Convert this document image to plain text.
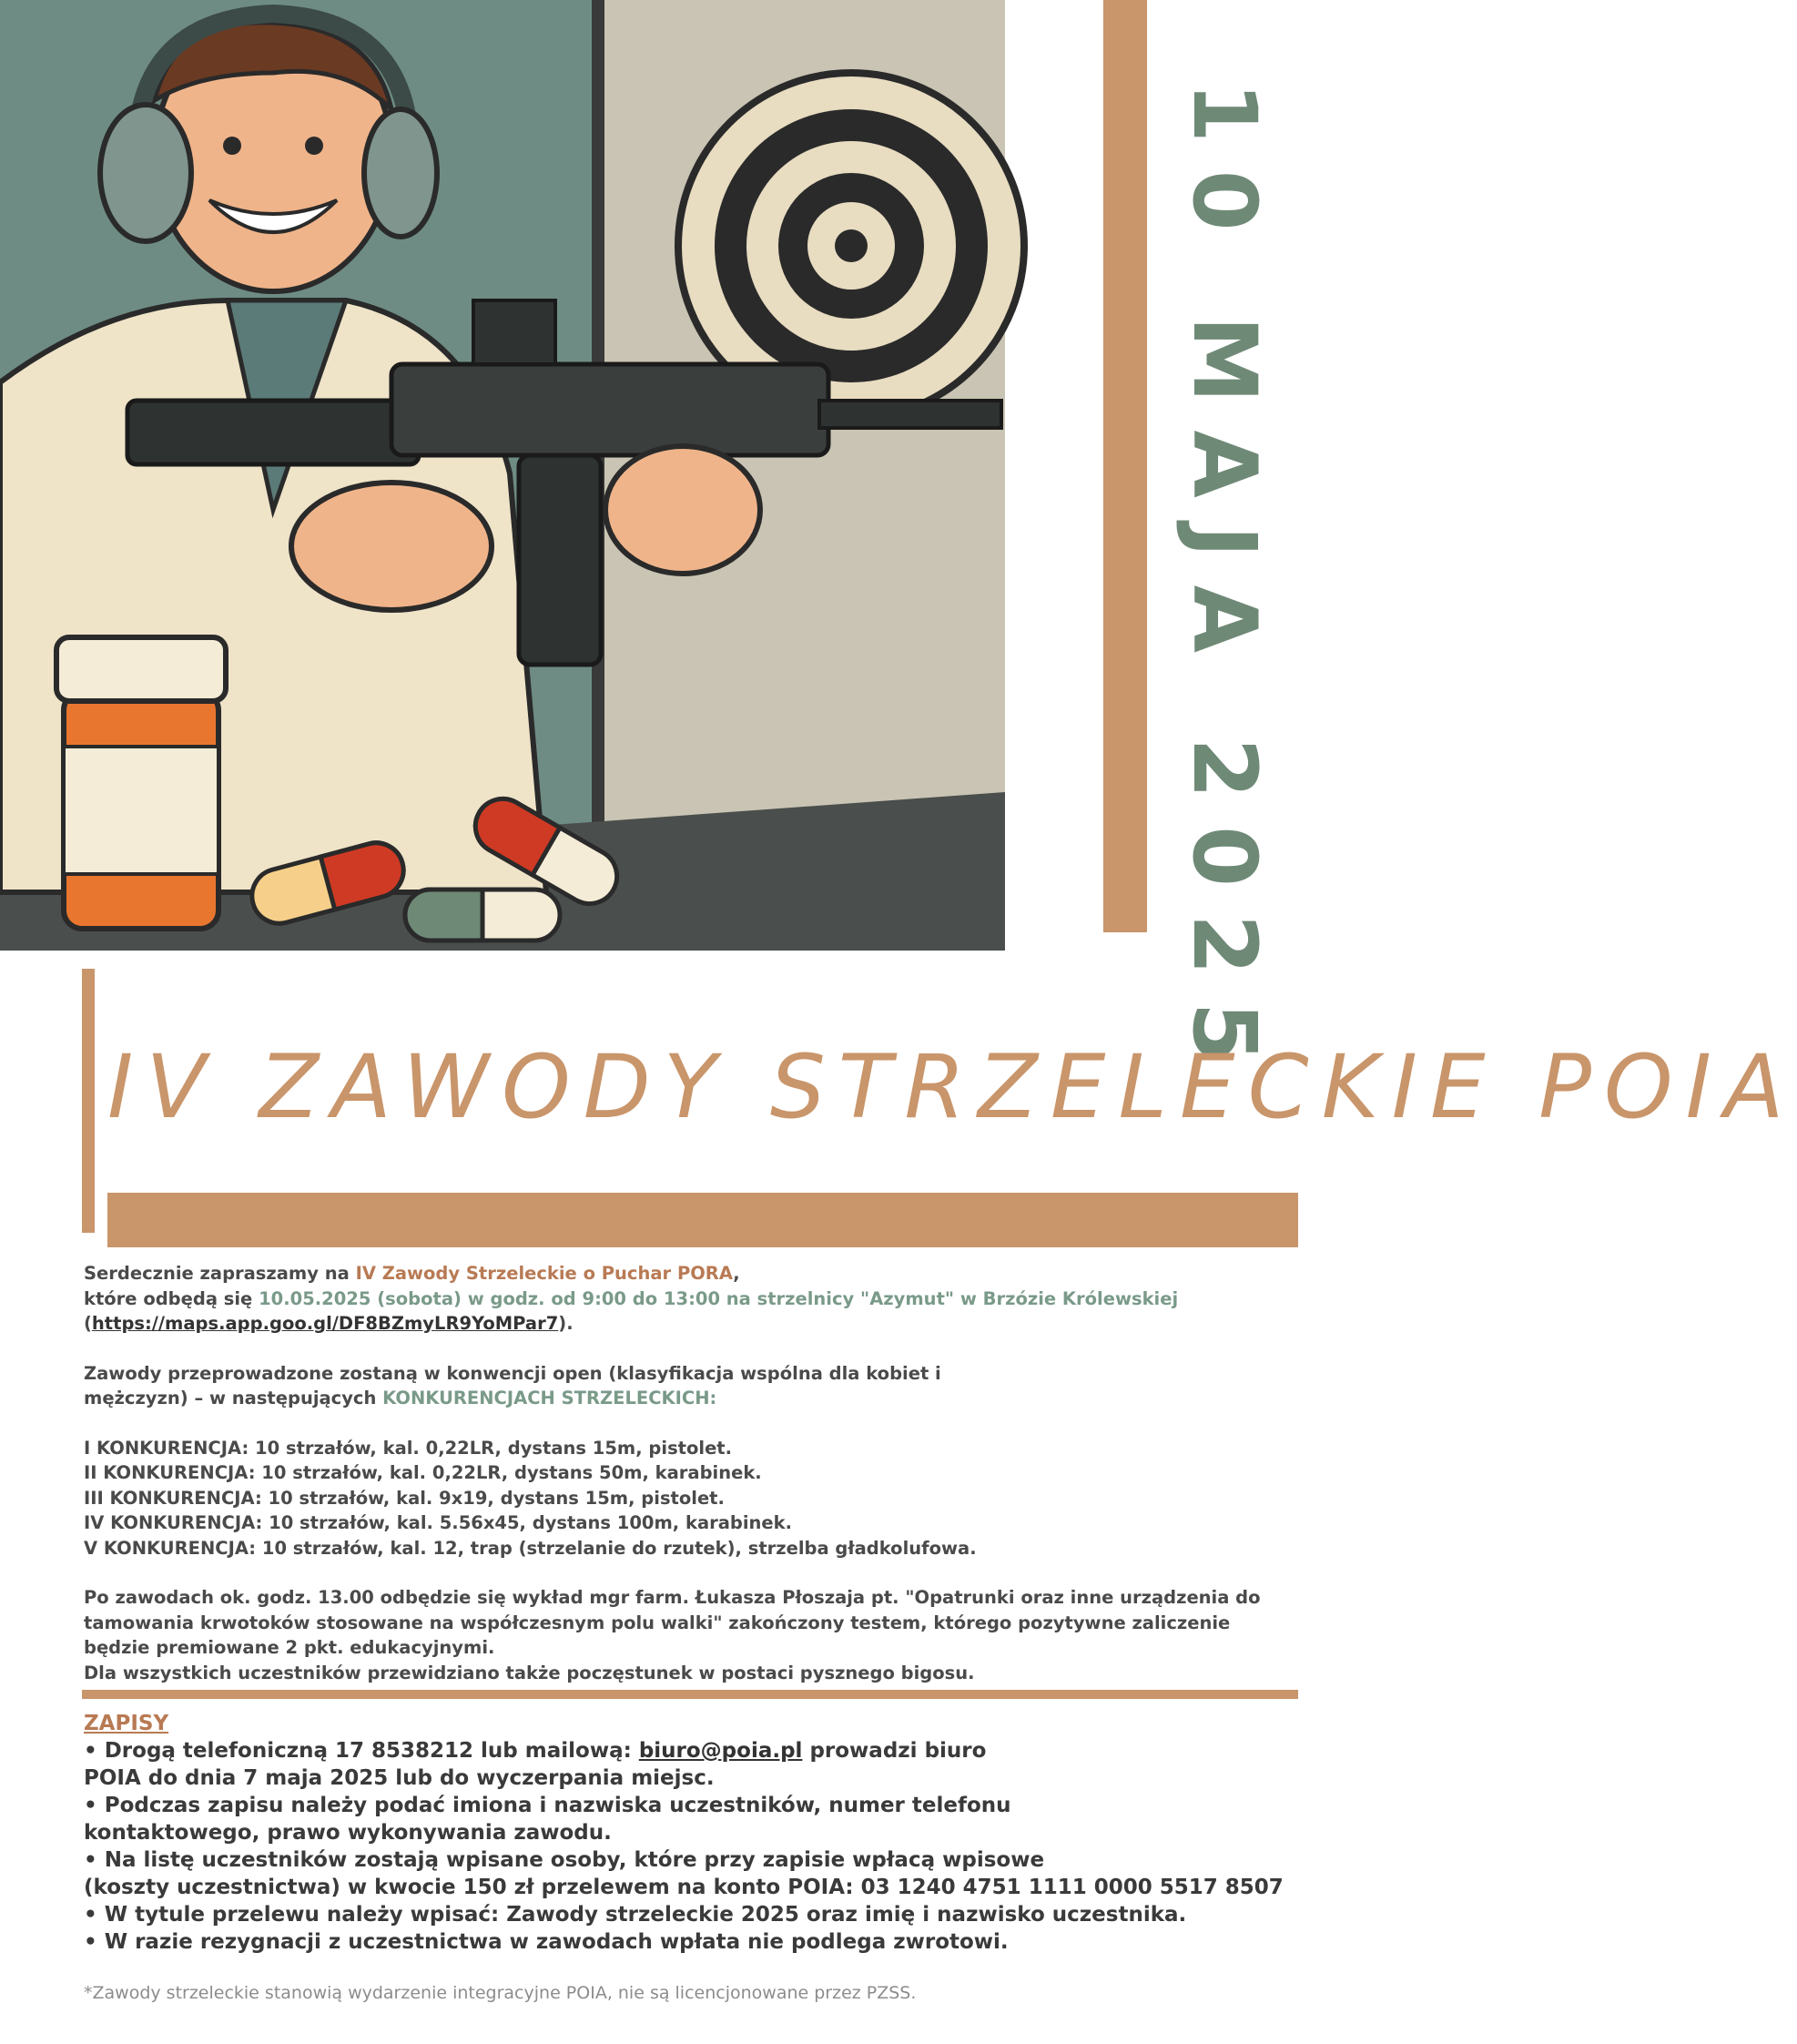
10 MAJA 2025
IV ZAWODY STRZELECKIE POIA

Serdecznie zapraszamy na IV Zawody Strzeleckie o Puchar PORA,
które odbędą się 10.05.2025 (sobota) w godz. od 9:00 do 13:00 na strzelnicy "Azymut" w Brzózie Królewskiej
(https://maps.app.goo.gl/DF8BZmyLR9YoMPar7).

Zawody przeprowadzone zostaną w konwencji open (klasyfikacja wspólna dla kobiet i
mężczyzn) – w następujących KONKURENCJACH STRZELECKICH:

I KONKURENCJA: 10 strzałów, kal. 0,22LR, dystans 15m, pistolet.
II KONKURENCJA: 10 strzałów, kal. 0,22LR, dystans 50m, karabinek.
III KONKURENCJA: 10 strzałów, kal. 9x19, dystans 15m, pistolet.
IV KONKURENCJA: 10 strzałów, kal. 5.56x45, dystans 100m, karabinek.
V KONKURENCJA: 10 strzałów, kal. 12, trap (strzelanie do rzutek), strzelba gładkolufowa.

Po zawodach ok. godz. 13.00 odbędzie się wykład mgr farm. Łukasza Płoszaja pt. "Opatrunki oraz inne urządzenia do
tamowania krwotoków stosowane na współczesnym polu walki" zakończony testem, którego pozytywne zaliczenie
będzie premiowane 2 pkt. edukacyjnymi.
Dla wszystkich uczestników przewidziano także poczęstunek w postaci pysznego bigosu.

ZAPISY
• Drogą telefoniczną 17 8538212 lub mailową: biuro@poia.pl prowadzi biuro
POIA do dnia 7 maja 2025 lub do wyczerpania miejsc.
• Podczas zapisu należy podać imiona i nazwiska uczestników, numer telefonu
kontaktowego, prawo wykonywania zawodu.
• Na listę uczestników zostają wpisane osoby, które przy zapisie wpłacą wpisowe
(koszty uczestnictwa) w kwocie 150 zł przelewem na konto POIA: 03 1240 4751 1111 0000 5517 8507
• W tytule przelewu należy wpisać: Zawody strzeleckie 2025 oraz imię i nazwisko uczestnika.
• W razie rezygnacji z uczestnictwa w zawodach wpłata nie podlega zwrotowi.
*Zawody strzeleckie stanowią wydarzenie integracyjne POIA, nie są licencjonowane przez PZSS.
